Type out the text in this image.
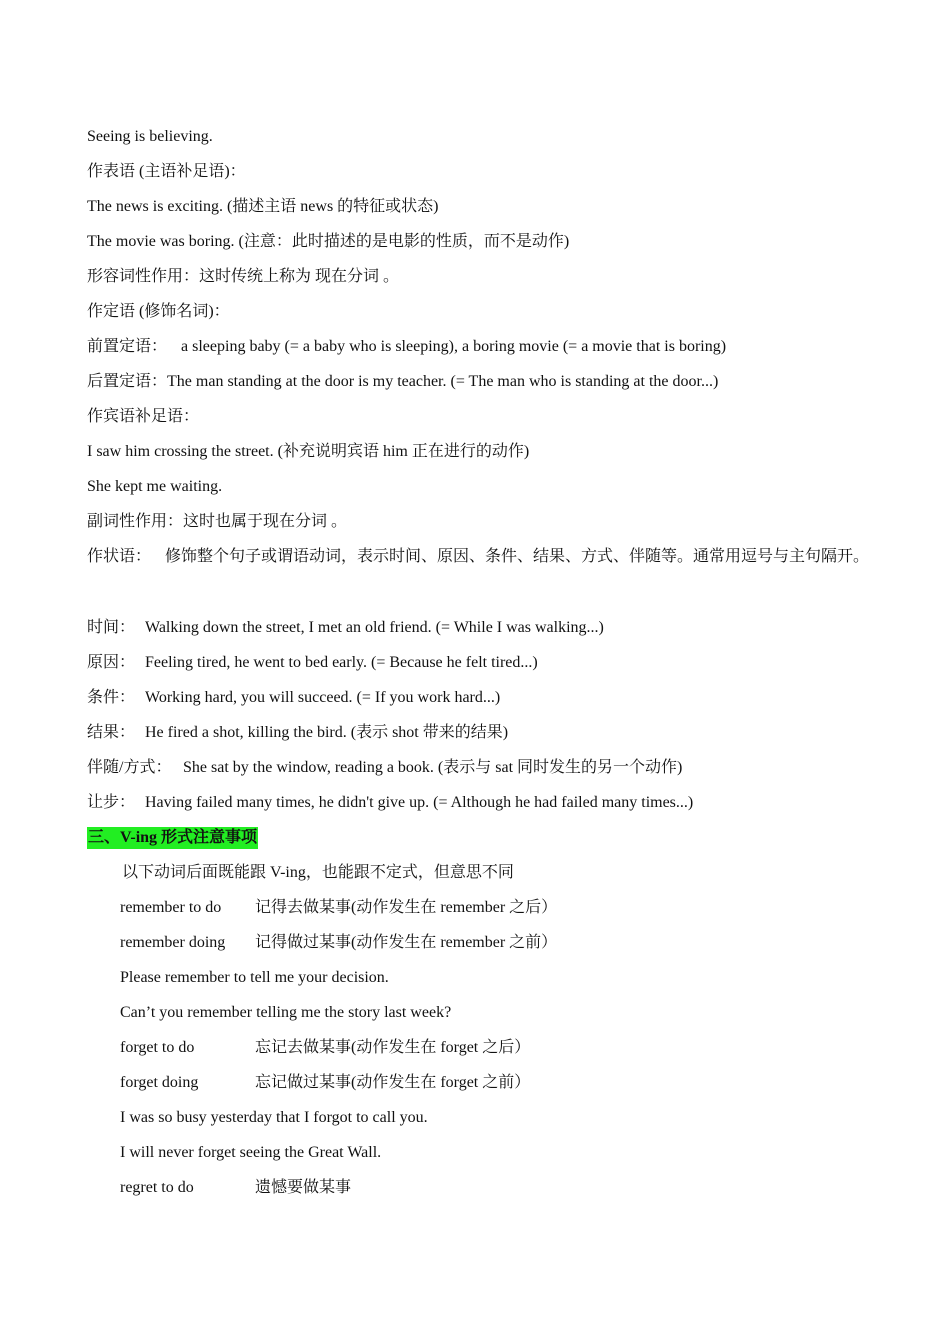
Seeing is believing.
作表语 (主语补足语)：
The news is exciting. (描述主语 news 的特征或状态)
The movie was boring. (注意：此时描述的是电影的性质，而不是动作)
形容词性作用：这时传统上称为 现在分词 。
作定语 (修饰名词)：
前置定语： a sleeping baby (= a baby who is sleeping), a boring movie (= a movie that is boring)
后置定语：The man standing at the door is my teacher. (= The man who is standing at the door...)
作宾语补足语：
I saw him crossing the street. (补充说明宾语 him 正在进行的动作)
She kept me waiting.
副词性作用：这时也属于现在分词 。
作状语： 修饰整个句子或谓语动词，表示时间、原因、条件、结果、方式、伴随等。通常用逗号与主句隔开。
时间： Walking down the street, I met an old friend. (= While I was walking...)
原因： Feeling tired, he went to bed early. (= Because he felt tired...)
条件： Working hard, you will succeed. (= If you work hard...)
结果： He fired a shot, killing the bird. (表示 shot 带来的结果)
伴随/方式： She sat by the window, reading a book. (表示与 sat 同时发生的另一个动作)
让步： Having failed many times, he didn't give up. (= Although he had failed many times...)
三、V-ing 形式注意事项
以下动词后面既能跟 V-ing，也能跟不定式，但意思不同
remember to do 记得去做某事(动作发生在 remember 之后）
remember doing 记得做过某事(动作发生在 remember 之前）
Please remember to tell me your decision.
Can’t you remember telling me the story last week?
forget to do	忘记去做某事(动作发生在 forget 之后）
forget doing	忘记做过某事(动作发生在 forget 之前）
I was so busy yesterday that I forgot to call you.
I will never forget seeing the Great Wall.
regret to do	遗憾要做某事
